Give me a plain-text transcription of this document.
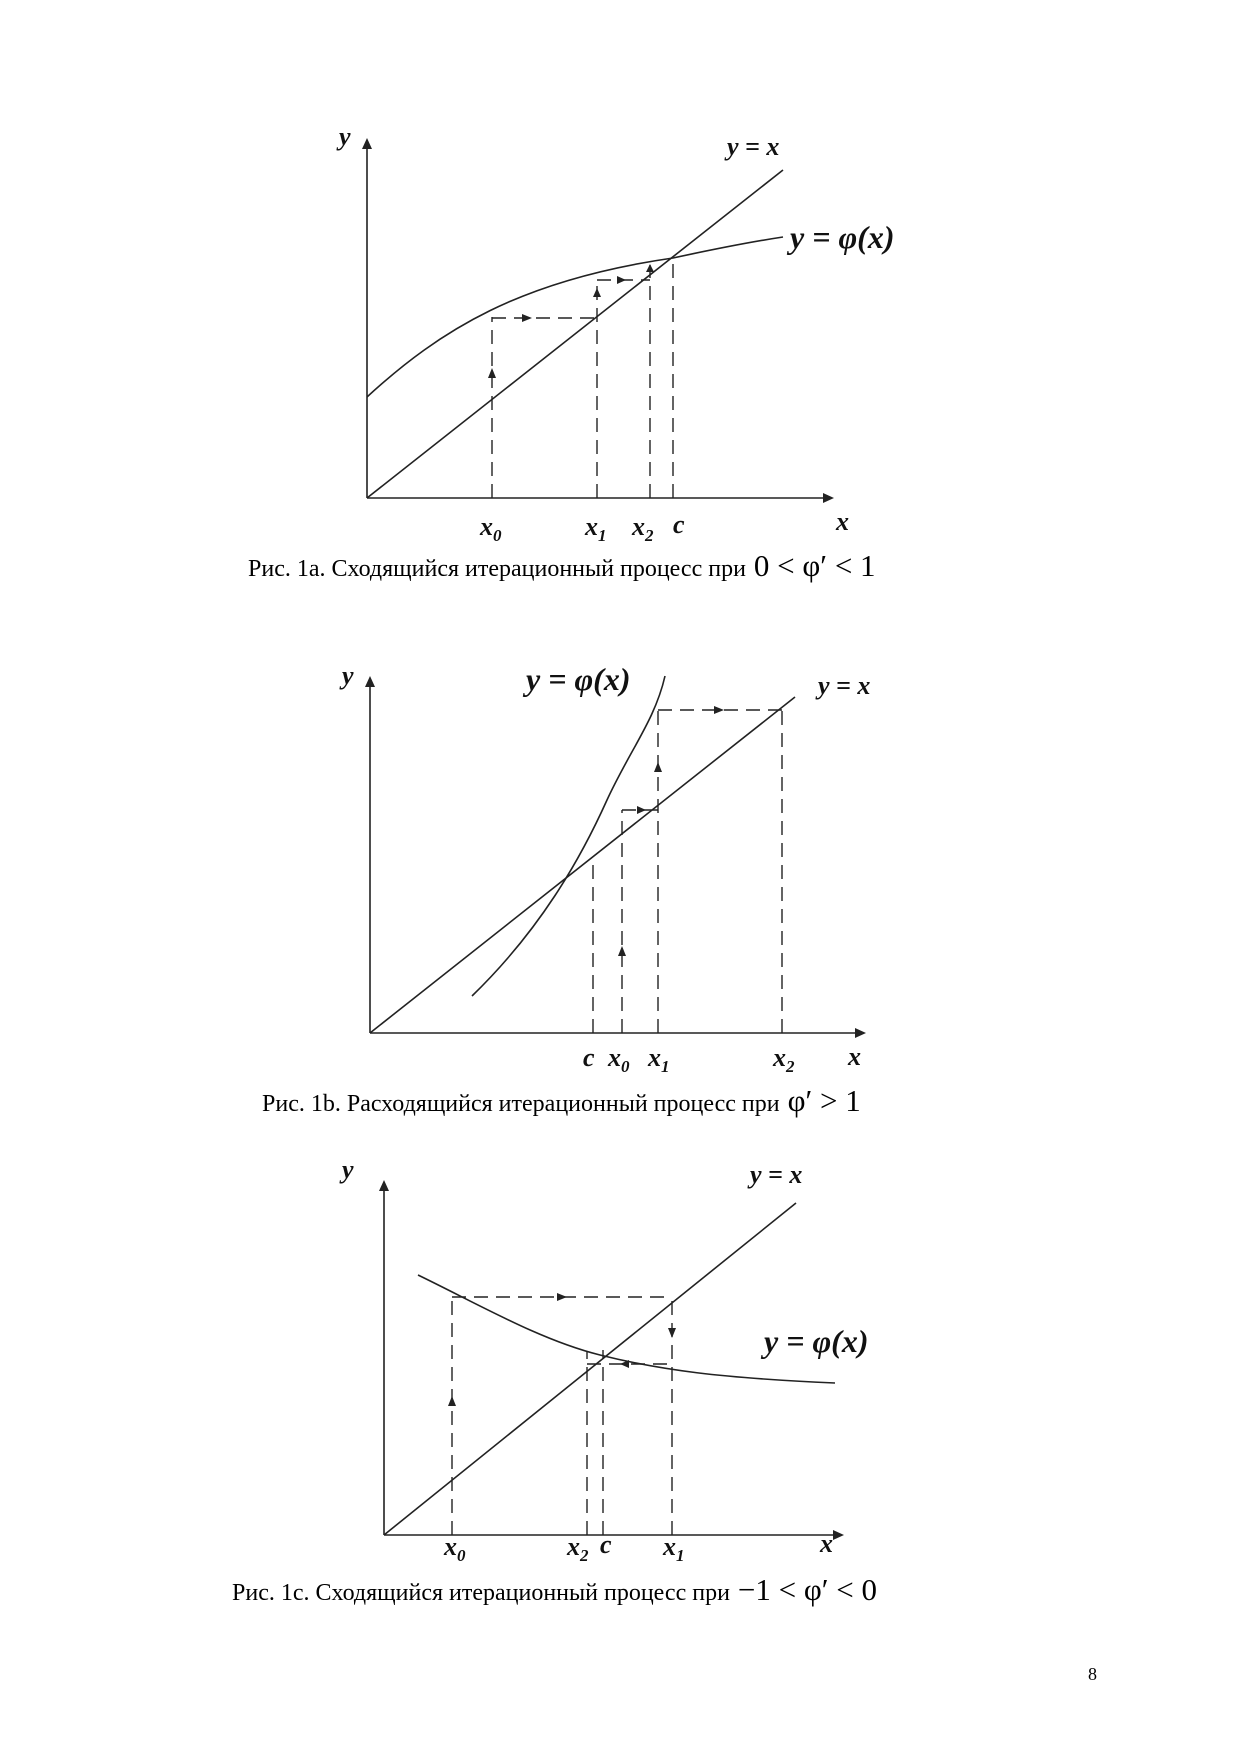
y
x
y = x
y = φ(x)
$x_0$	$x_1$ $x_2$ c
Рис. 1a. Сходящийся итерационный процесс при 0 < φ′ < 1
y
x
y = φ(x)	y = x
c $x_0$ $x_1$	$x_2$
Рис. 1b. Расходящийся итерационный процесс при φ′ > 1
y
x
y = x
y = φ(x)
$x_0$	$x_2$ c $x_1$
Рис. 1c. Сходящийся итерационный процесс при −1 < φ′ < 0
8
